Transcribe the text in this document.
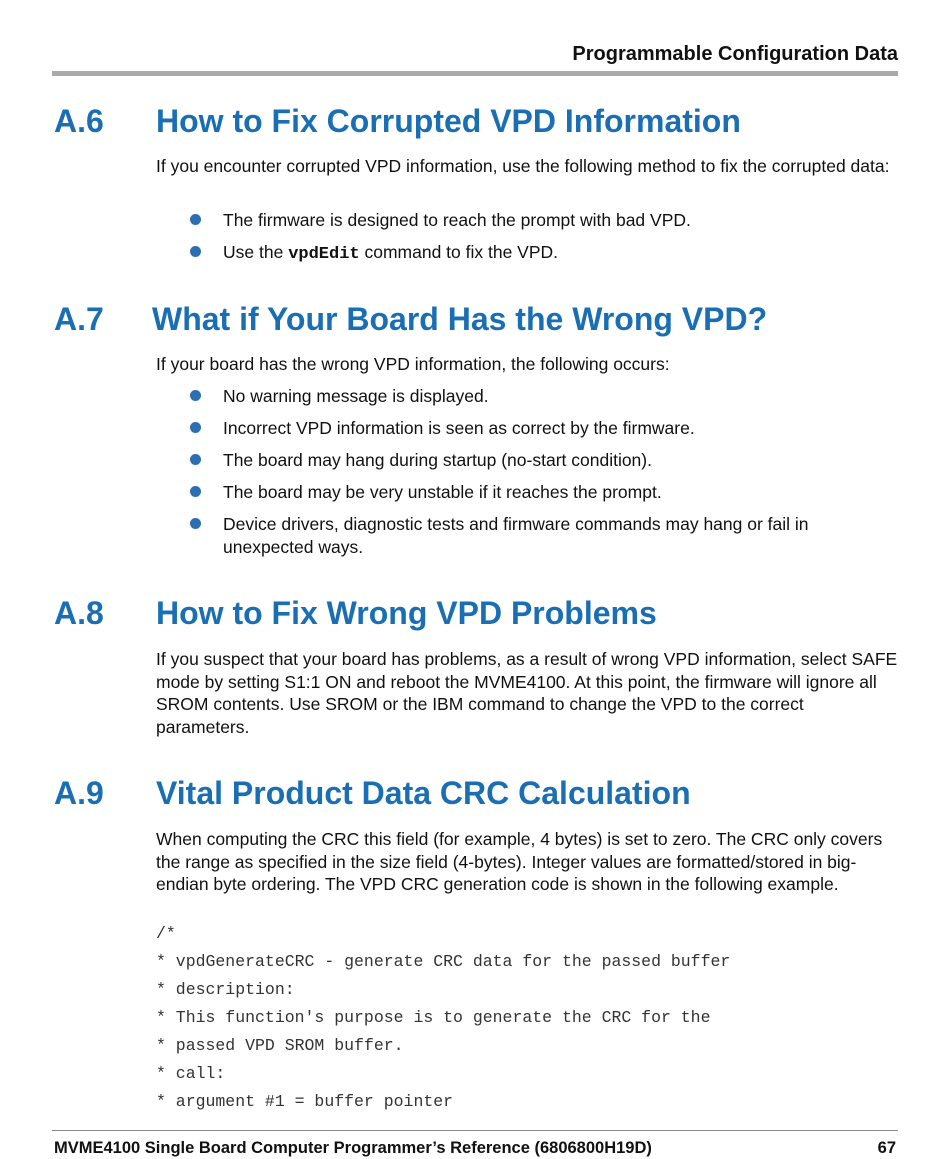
Programmable Configuration Data
A.6 How to Fix Corrupted VPD Information
If you encounter corrupted VPD information, use the following method to fix the corrupted data:
The firmware is designed to reach the prompt with bad VPD.
Use the vpdEdit command to fix the VPD.
A.7 What if Your Board Has the Wrong VPD?
If your board has the wrong VPD information, the following occurs:
No warning message is displayed.
Incorrect VPD information is seen as correct by the firmware.
The board may hang during startup (no-start condition).
The board may be very unstable if it reaches the prompt.
Device drivers, diagnostic tests and firmware commands may hang or fail in unexpected ways.
A.8 How to Fix Wrong VPD Problems
If you suspect that your board has problems, as a result of wrong VPD information, select SAFE mode by setting S1:1 ON and reboot the MVME4100. At this point, the firmware will ignore all SROM contents. Use SROM or the IBM command to change the VPD to the correct parameters.
A.9 Vital Product Data CRC Calculation
When computing the CRC this field (for example, 4 bytes) is set to zero. The CRC only covers the range as specified in the size field (4-bytes). Integer values are formatted/stored in big-endian byte ordering. The VPD CRC generation code is shown in the following example.
/*
* vpdGenerateCRC - generate CRC data for the passed buffer
* description:
* This function's purpose is to generate the CRC for the
* passed VPD SROM buffer.
* call:
* argument #1 = buffer pointer
MVME4100 Single Board Computer Programmer’s Reference (6806800H19D)	67
